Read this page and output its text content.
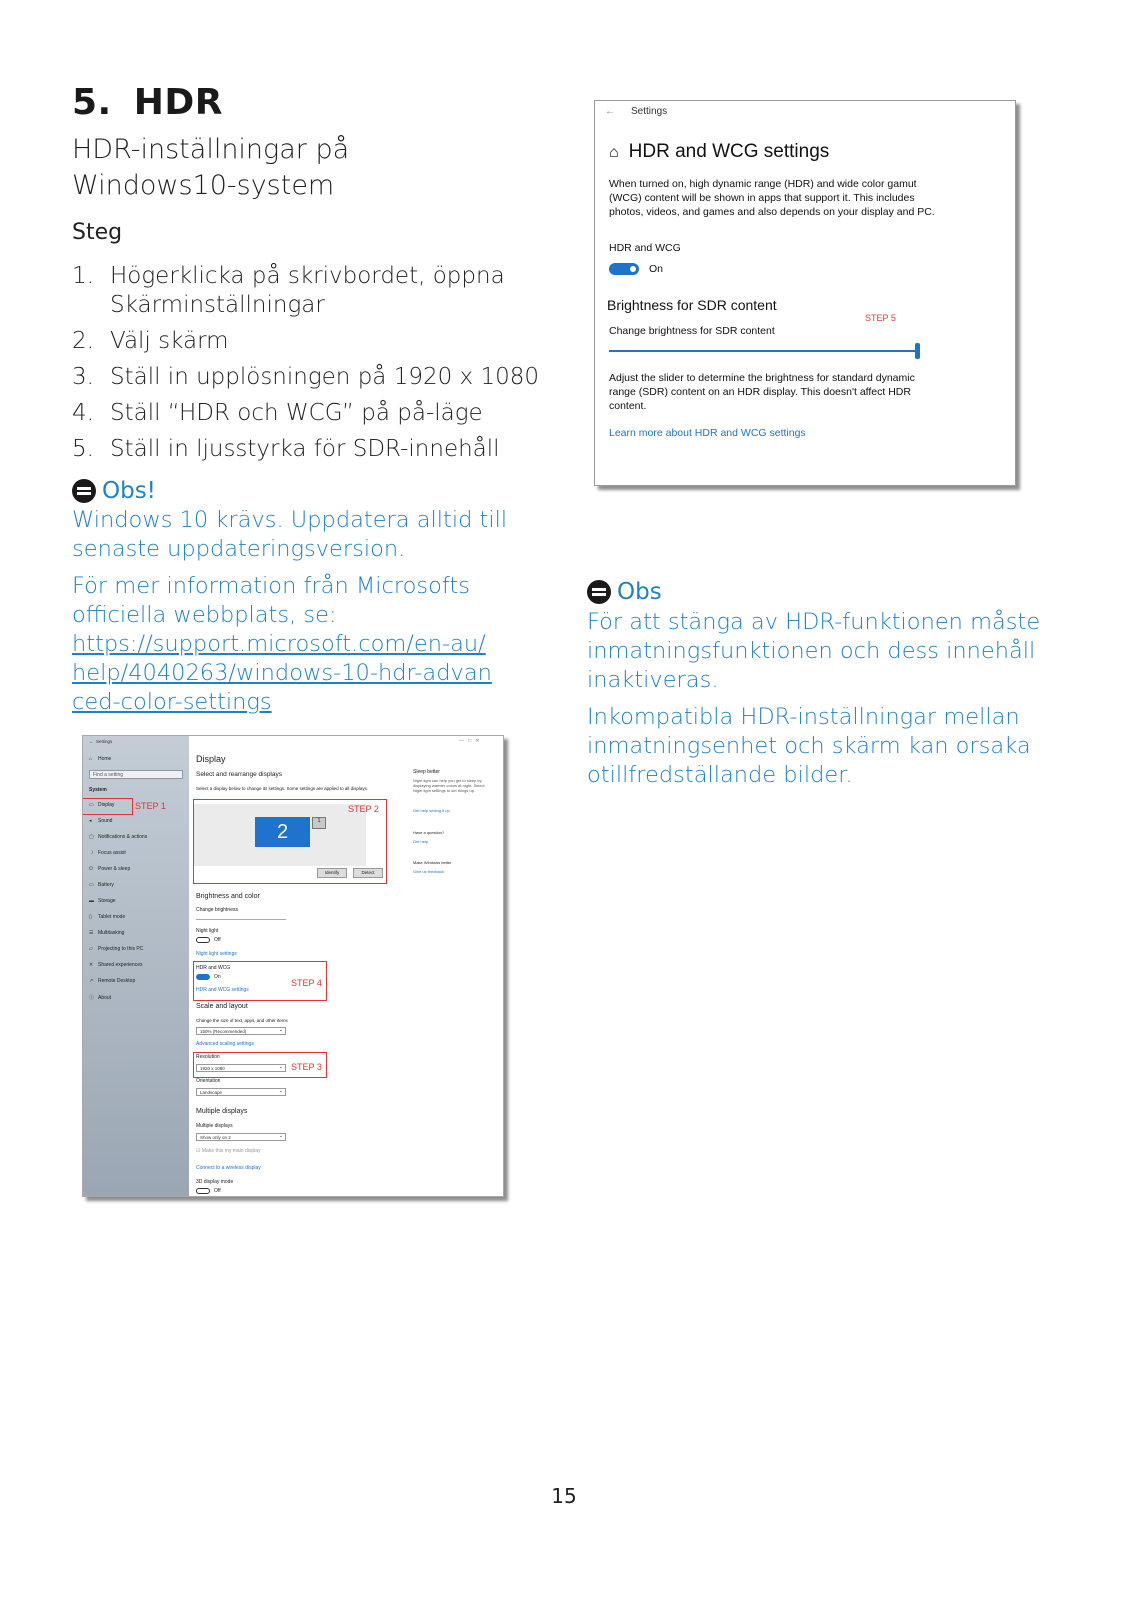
5. HDR

HDR-inställningar på Windows10-system

Steg
1. Högerklicka på skrivbordet, öppna Skärminställningar
2. Välj skärm
3. Ställ in upplösningen på 1920 x 1080
4. Ställ “HDR och WCG” på på-läge
5. Ställ in ljusstyrka för SDR-innehåll
Obs!

Windows 10 krävs. Uppdatera alltid till senaste uppdateringsversion.

För mer information från Microsofts officiella webbplats, se:

https://support.microsoft.com/en-au/help/4040263/windows-10-hdr-advanced-color-settings

← Settings
⌂ HDR and WCG settings
When turned on, high dynamic range (HDR) and wide color gamut (WCG) content will be shown in apps that support it. This includes photos, videos, and games and also depends on your display and PC.
HDR and WCG
On
Brightness for SDR content
STEP 5
Change brightness for SDR content
Adjust the slider to determine the brightness for standard dynamic range (SDR) content on an HDR display. This doesn't affect HDR content.
Learn more about HDR and WCG settings
Obs

För att stänga av HDR-funktionen måste inmatningsfunktionen och dess innehåll inaktiveras.

Inkompatibla HDR-inställningar mellan inmatningsenhet och skärm kan orsaka otillfredställande bilder.

←  Settings
⌂ Home
Find a setting
System
▭ Display
◂ Sound
▢ Notifications & actions
☽ Focus assist
⏻ Power & sleep
▭ Battery
▬ Storage
▯ Tablet mode
☰ Multitasking
▱ Projecting to this PC
✕ Shared experiences
↗ Remote Desktop
ⓘ About
STEP 1
Display
Select and rearrange displays
Select a display below to change its settings. Some settings are applied to all displays.
2	1
Identify	Detect
STEP 2
Brightness and color
Change brightness
Night light
Off
Night light settings
HDR and WCG
On
HDR and WCG settings
STEP 4
Scale and layout
Change the size of text, apps, and other items
150% (Recommended) ⌄
Advanced scaling settings
Resolution
1920 x 1080 ⌄	STEP 3
Orientation
Landscape ⌄
Multiple displays
Multiple displays
Show only on 2 ⌄
☑ Make this my main display
Connect to a wireless display
3D display mode
Off
Sleep better
Night light can help you get to sleep by displaying warmer colors at night. Select Night light settings to set things up.
Get help setting it up
Have a question?
Get help
Make Windows better
Give us feedback
— □ ✕
15
